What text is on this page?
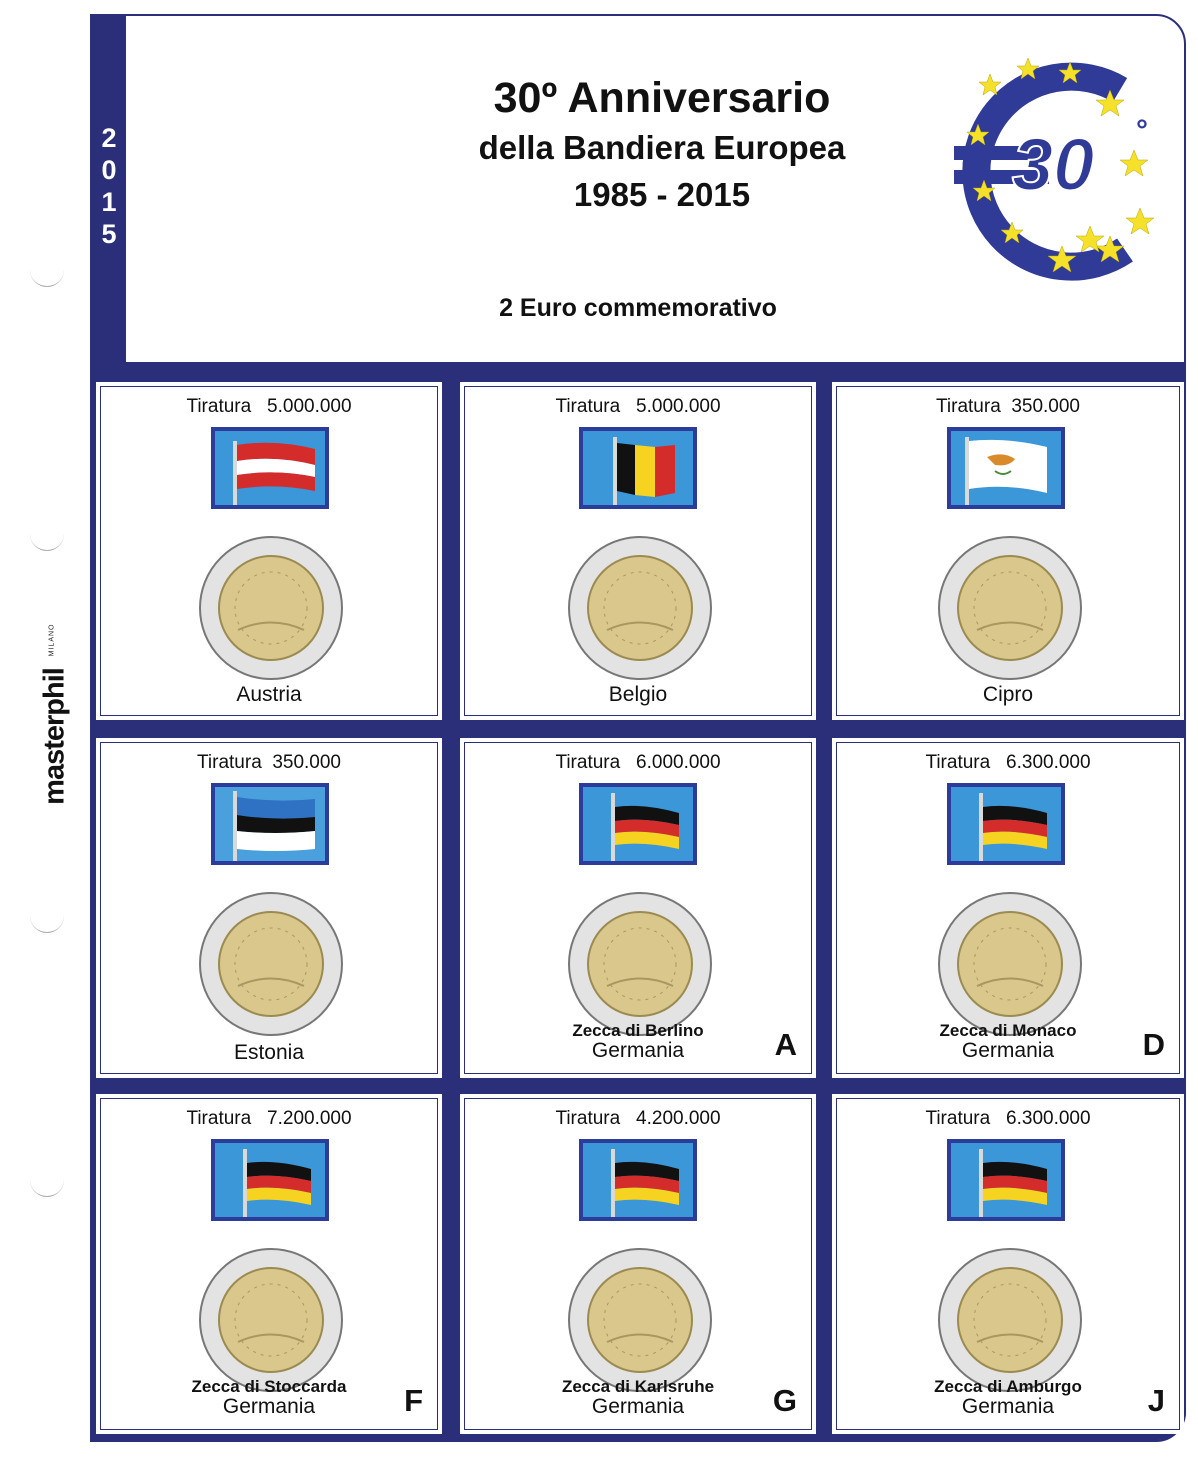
masterphil
MILANO
2
0
1
5
30º Anniversario
della Bandiera Europea
1985 - 2015
2 Euro commemorativo
30 °
Tiratura   5.000.000
Austria
Tiratura   5.000.000
Belgio
Tiratura  350.000
Cipro
Tiratura  350.000
Estonia
Tiratura   6.000.000
Zecca di Berlino
Germania	A
Tiratura   6.300.000
Zecca di Monaco
Germania	D
Tiratura   7.200.000
Zecca di Stoccarda
Germania	F
Tiratura   4.200.000
Zecca di Karlsruhe
Germania	G
Tiratura   6.300.000
Zecca di Amburgo
Germania	J
